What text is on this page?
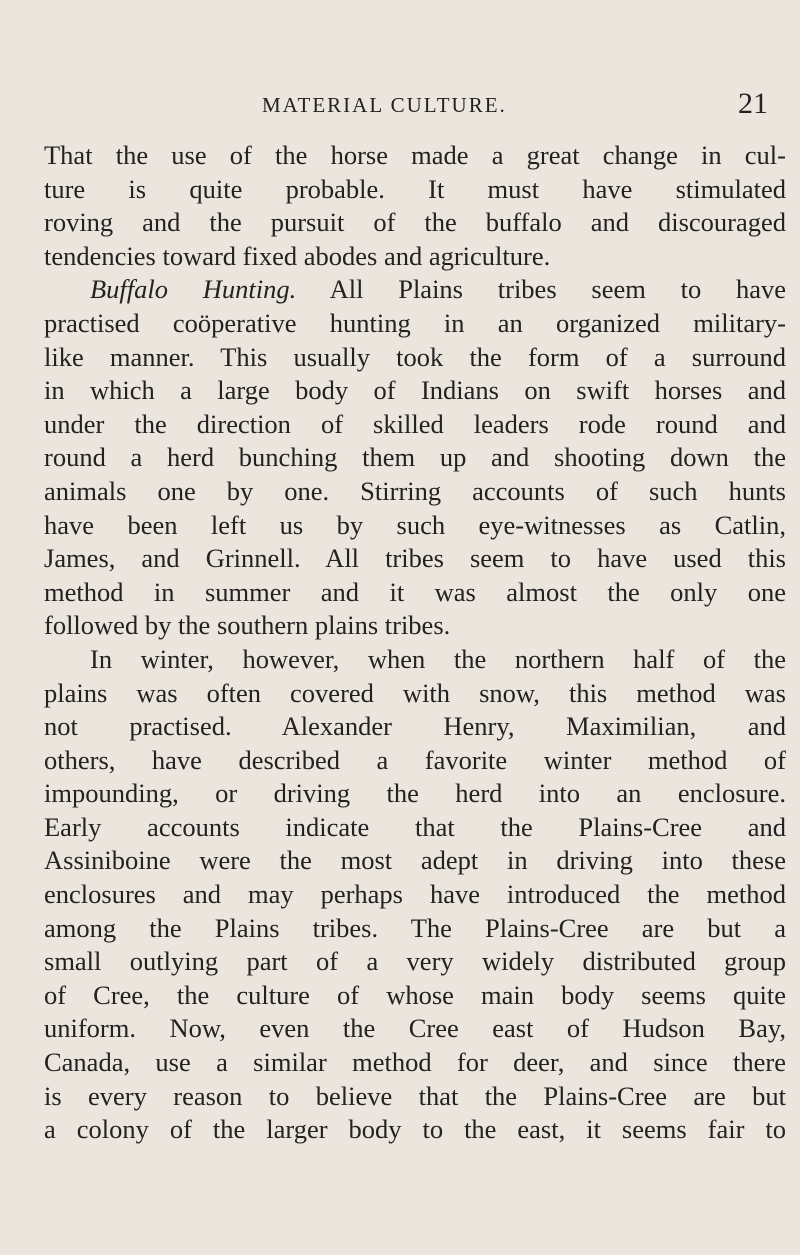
MATERIAL CULTURE.	21
That the use of the horse made a great change in cul-
ture is quite probable. It must have stimulated
roving and the pursuit of the buffalo and discouraged
tendencies toward fixed abodes and agriculture.
Buffalo Hunting. All Plains tribes seem to have
practised coöperative hunting in an organized military-
like manner. This usually took the form of a surround
in which a large body of Indians on swift horses and
under the direction of skilled leaders rode round and
round a herd bunching them up and shooting down the
animals one by one. Stirring accounts of such hunts
have been left us by such eye-witnesses as Catlin,
James, and Grinnell. All tribes seem to have used this
method in summer and it was almost the only one
followed by the southern plains tribes.
In winter, however, when the northern half of the
plains was often covered with snow, this method was
not practised. Alexander Henry, Maximilian, and
others, have described a favorite winter method of
impounding, or driving the herd into an enclosure.
Early accounts indicate that the Plains-Cree and
Assiniboine were the most adept in driving into these
enclosures and may perhaps have introduced the method
among the Plains tribes. The Plains-Cree are but a
small outlying part of a very widely distributed group
of Cree, the culture of whose main body seems quite
uniform. Now, even the Cree east of Hudson Bay,
Canada, use a similar method for deer, and since there
is every reason to believe that the Plains-Cree are but
a colony of the larger body to the east, it seems fair to
